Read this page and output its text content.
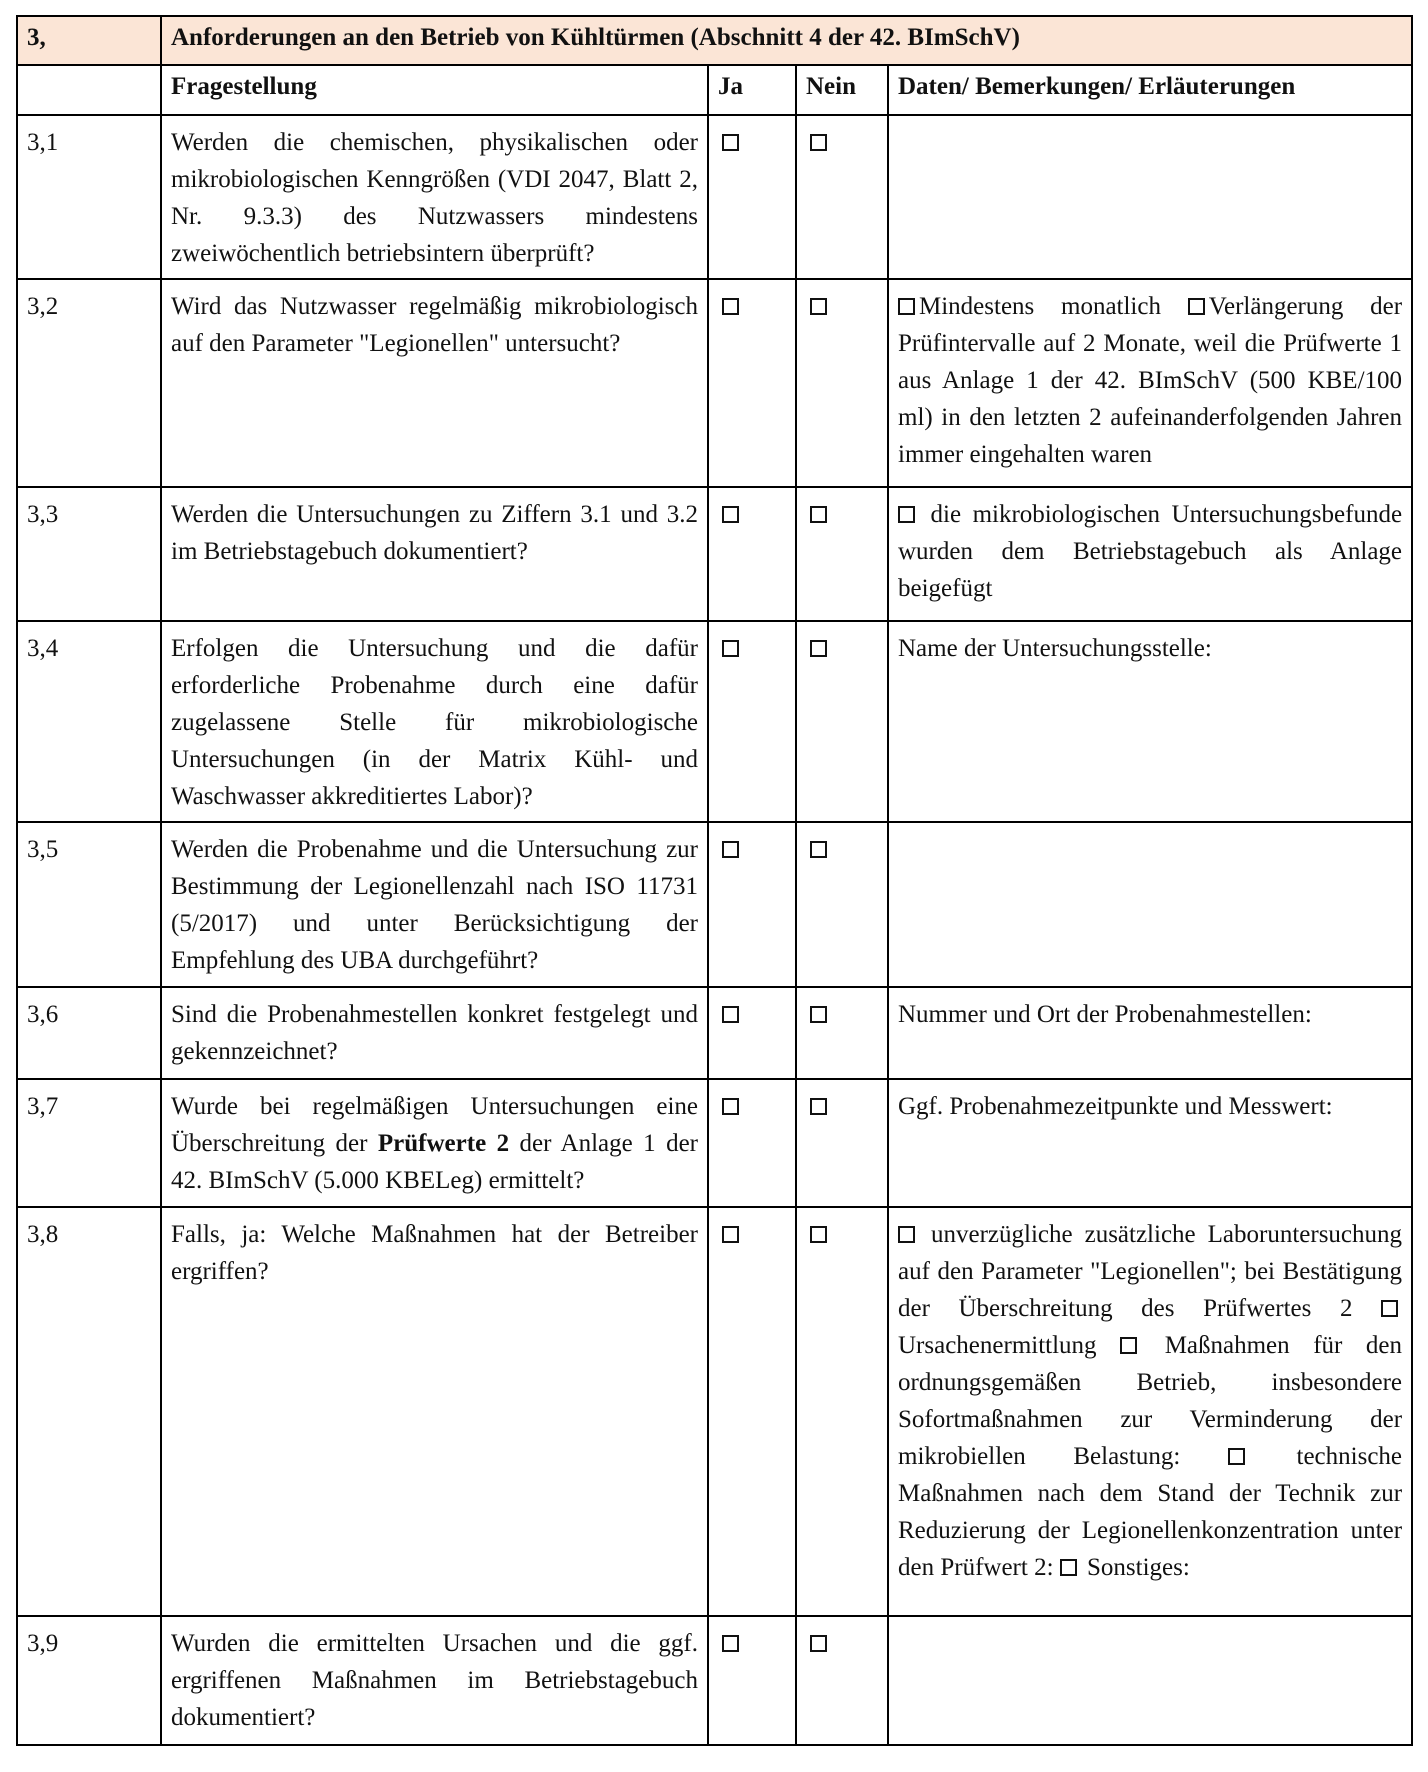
3,	Anforderungen an den Betrieb von Kühltürmen (Abschnitt 4 der 42. BImSchV)			
	Fragestellung	Ja	Nein	Daten/ Bemerkungen/ Erläuterungen
3,1	Werden die chemischen, physikalischen oder mikrobiologischen Kenngrößen (VDI 2047, Blatt 2, Nr. 9.3.3) des Nutzwassers mindestens zweiwöchentlich betriebsintern überprüft?			
3,2	Wird das Nutzwasser regelmäßig mikrobiologisch auf den Parameter "Legionellen" untersucht?			Mindestens monatlich Verlängerung der Prüfintervalle auf 2 Monate, weil die Prüfwerte 1 aus Anlage 1 der 42. BImSchV (500 KBE/100 ml) in den letzten 2 aufeinanderfolgenden Jahren immer eingehalten waren
3,3	Werden die Untersuchungen zu Ziffern 3.1 und 3.2 im Betriebstagebuch dokumentiert?			die mikrobiologischen Untersuchungsbefunde wurden dem Betriebstagebuch als Anlage beigefügt
3,4	Erfolgen die Untersuchung und die dafür erforderliche Probenahme durch eine dafür zugelassene Stelle für mikrobiologische Untersuchungen (in der Matrix Kühl- und Waschwasser akkreditiertes Labor)?			Name der Untersuchungsstelle:
3,5	Werden die Probenahme und die Untersuchung zur Bestimmung der Legionellenzahl nach ISO 11731 (5/2017) und unter Berücksichtigung der Empfehlung des UBA durchgeführt?			
3,6	Sind die Probenahmestellen konkret festgelegt und gekennzeichnet?			Nummer und Ort der Probenahmestellen:
3,7	Wurde bei regelmäßigen Untersuchungen eine Überschreitung der Prüfwerte 2 der Anlage 1 der 42. BImSchV (5.000 KBELeg) ermittelt?			Ggf. Probenahmezeitpunkte und Messwert:
3,8	Falls, ja: Welche Maßnahmen hat der Betreiber ergriffen?			unverzügliche zusätzliche Laboruntersuchung auf den Parameter "Legionellen"; bei Bestätigung der Überschreitung des Prüfwertes 2  Ursachenermittlung Maßnahmen für den ordnungsgemäßen Betrieb, insbesondere Sofortmaßnahmen zur Verminderung der mikrobiellen Belastung: technische Maßnahmen nach dem Stand der Technik zur Reduzierung der Legionellenkonzentration unter den Prüfwert 2: Sonstiges:
3,9	Wurden die ermittelten Ursachen und die ggf. ergriffenen Maßnahmen im Betriebstagebuch dokumentiert?			
